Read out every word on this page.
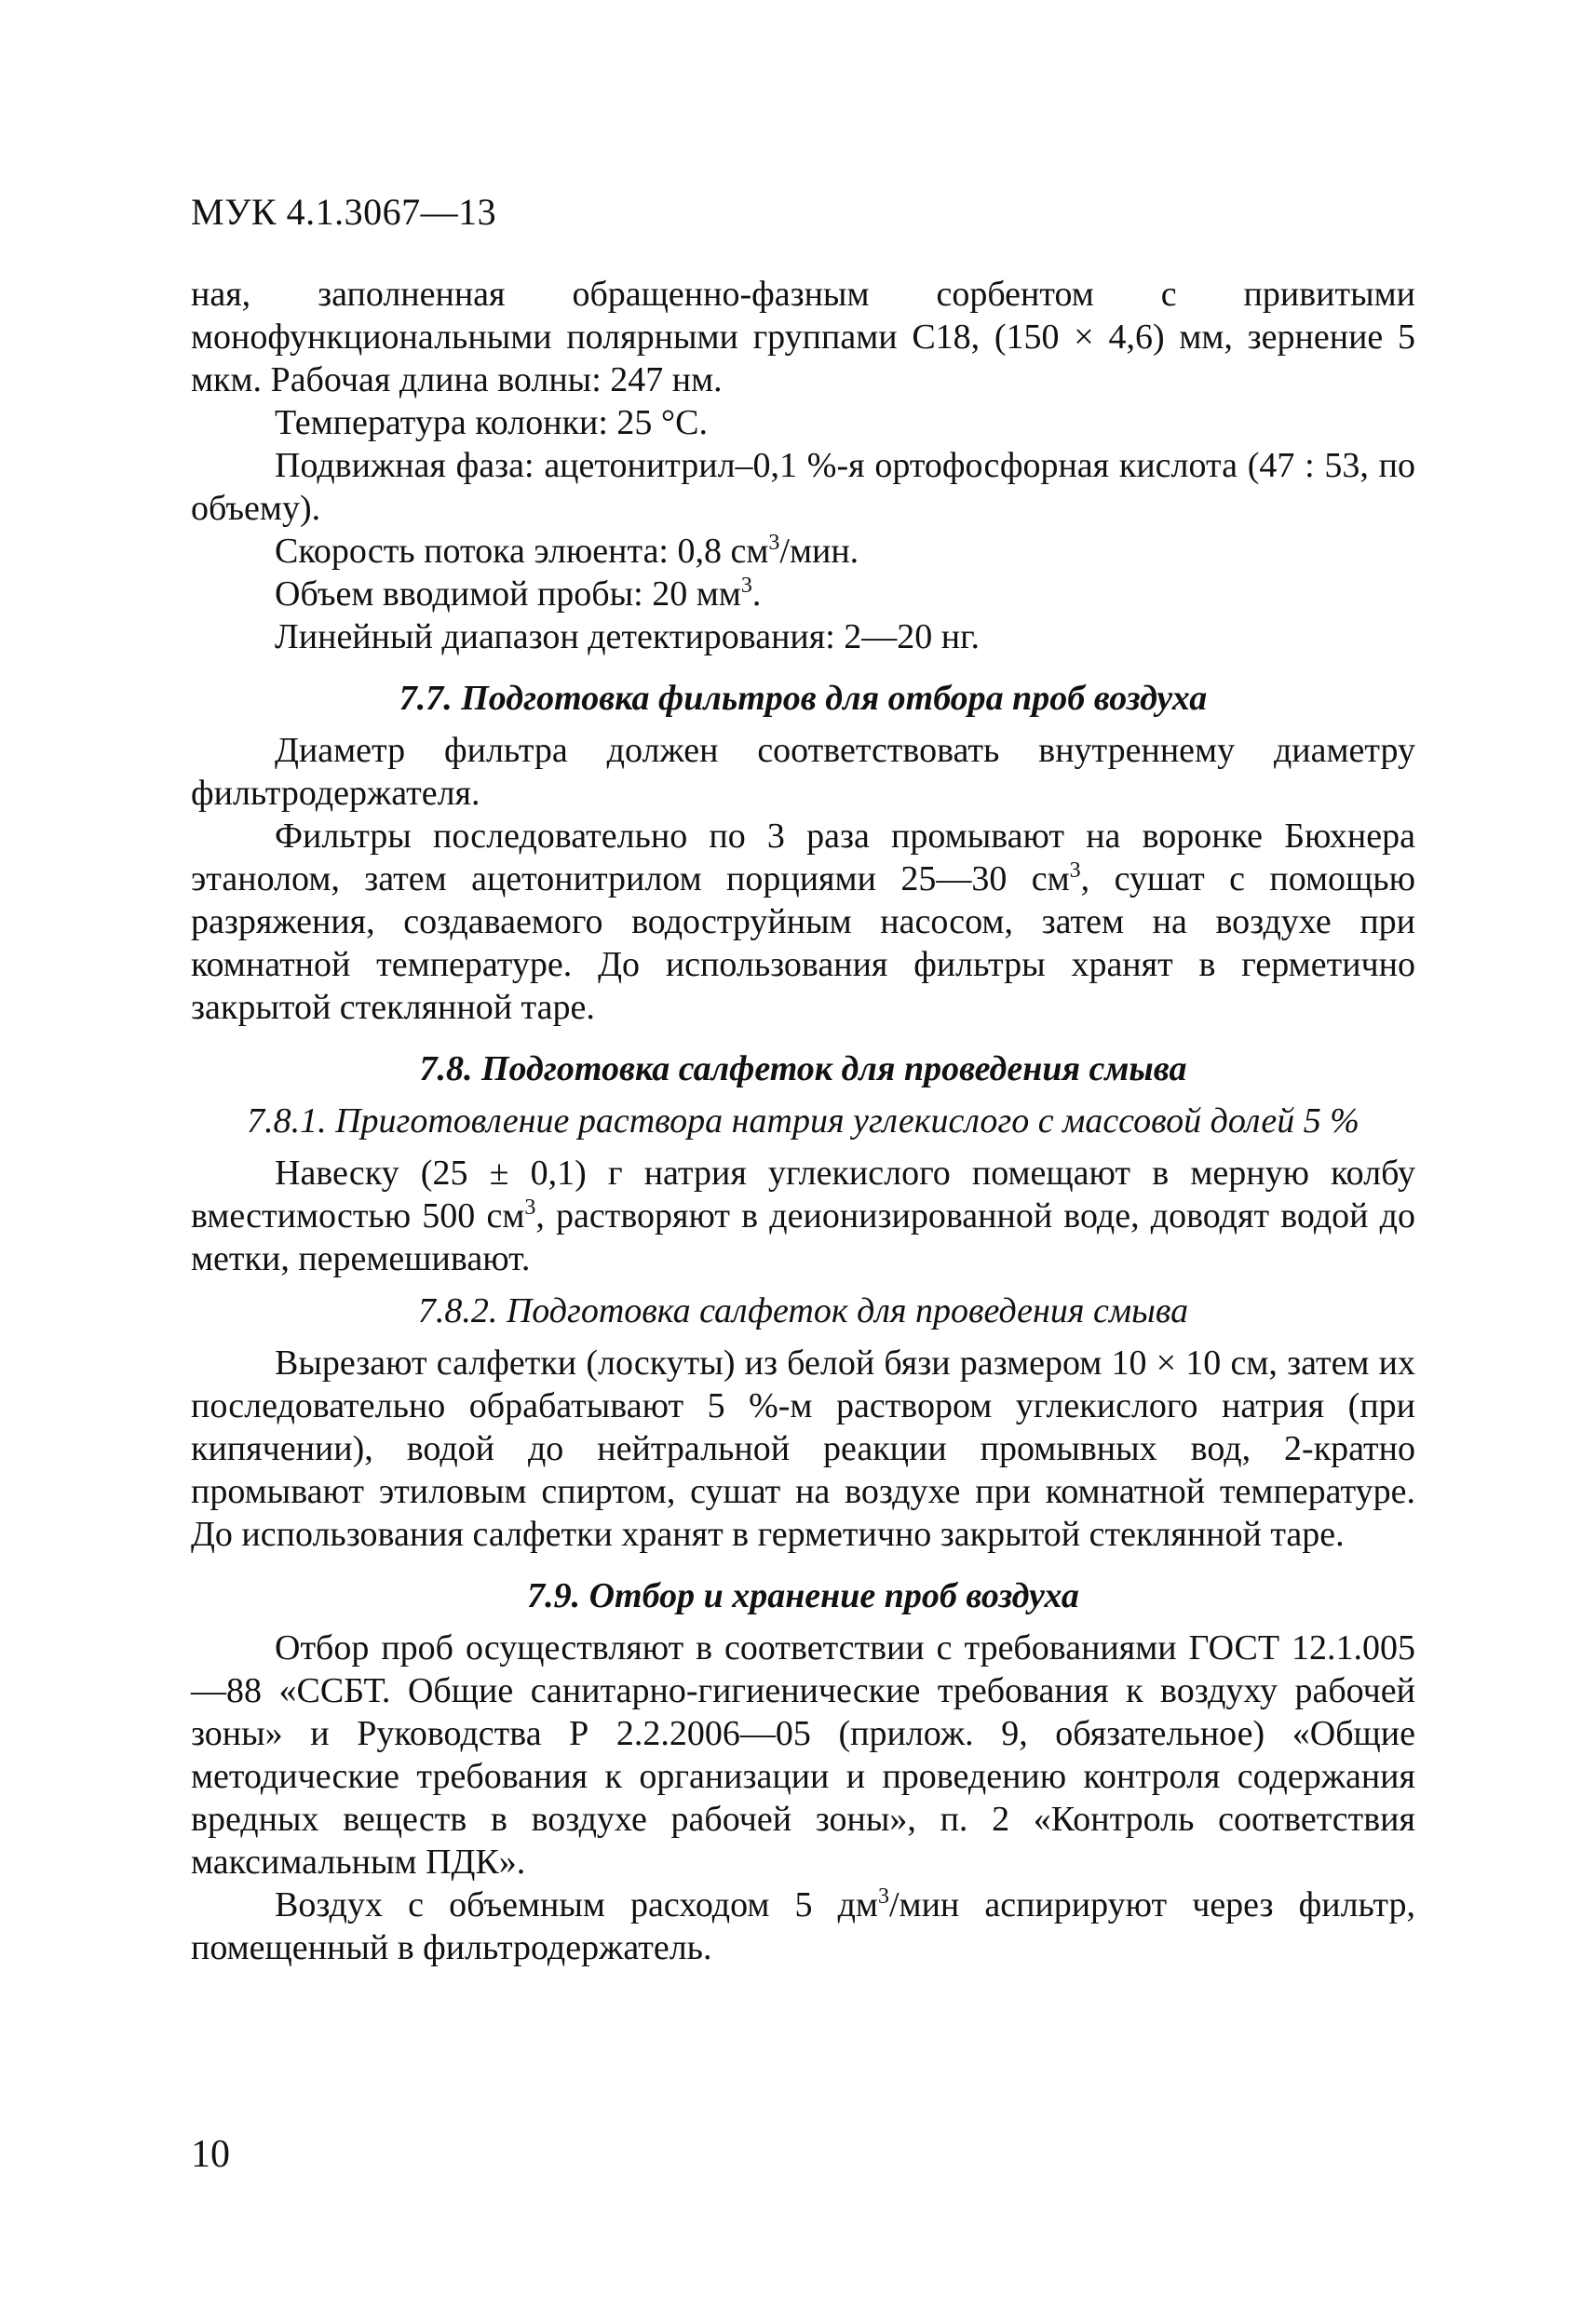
МУК 4.1.3067—13

ная, заполненная обращенно-фазным сорбентом с привитыми монофункциональными полярными группами С18, (150 × 4,6) мм, зернение 5 мкм. Рабочая длина волны: 247 нм.

Температура колонки: 25 °С.

Подвижная фаза: ацетонитрил–0,1 %-я ортофосфорная кислота (47 : 53, по объему).

Скорость потока элюента: 0,8 $см^3$/мин.

Объем вводимой пробы: 20 $мм^3$.

Линейный диапазон детектирования: 2—20 нг.

7.7. Подготовка фильтров для отбора проб воздуха

Диаметр фильтра должен соответствовать внутреннему диаметру фильтродержателя.

Фильтры последовательно по 3 раза промывают на воронке Бюхнера этанолом, затем ацетонитрилом порциями 25—30 $см^3$, сушат с помощью разряжения, создаваемого водоструйным насосом, затем на воздухе при комнатной температуре. До использования фильтры хранят в герметично закрытой стеклянной таре.

7.8. Подготовка салфеток для проведения смыва
7.8.1. Приготовление раствора натрия углекислого с массовой долей 5 %

Навеску (25 ± 0,1) г натрия углекислого помещают в мерную колбу вместимостью 500 $см^3$, растворяют в деионизированной воде, доводят водой до метки, перемешивают.

7.8.2. Подготовка салфеток для проведения смыва

Вырезают салфетки (лоскуты) из белой бязи размером 10 × 10 см, затем их последовательно обрабатывают 5 %-м раствором углекислого натрия (при кипячении), водой до нейтральной реакции промывных вод, 2-кратно промывают этиловым спиртом, сушат на воздухе при комнатной температуре. До использования салфетки хранят в герметично закрытой стеклянной таре.

7.9. Отбор и хранение проб воздуха

Отбор проб осуществляют в соответствии с требованиями ГОСТ 12.1.005—88 «ССБТ. Общие санитарно-гигиенические требования к воздуху рабочей зоны» и Руководства Р 2.2.2006—05 (прилож. 9, обязательное) «Общие методические требования к организации и проведению контроля содержания вредных веществ в воздухе рабочей зоны», п. 2 «Контроль соответствия максимальным ПДК».

Воздух с объемным расходом 5 $дм^3$/мин аспирируют через фильтр, помещенный в фильтродержатель.

10
